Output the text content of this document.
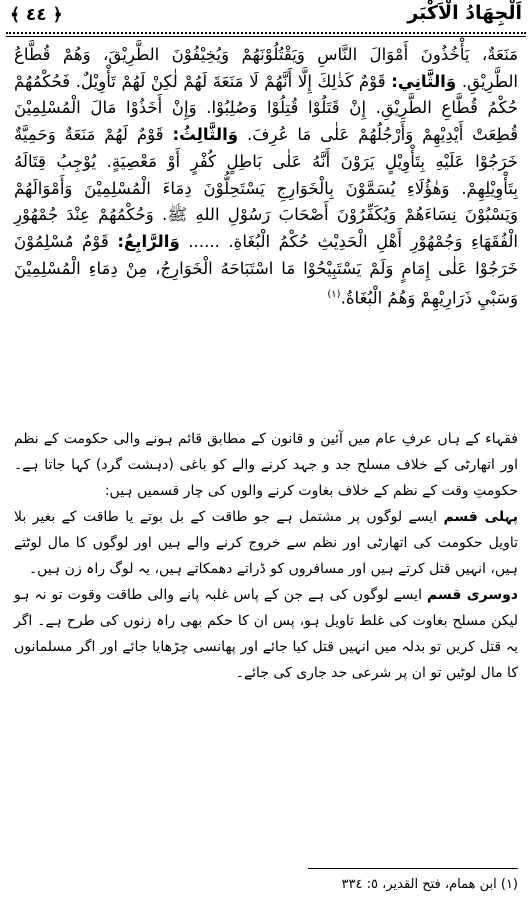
﴿ ٤٤ ﴾	اَلْجِهَادُ الْاَكْبَر
مَنَعَةٌ، يَأْخُذُونَ أَمْوَالَ النَّاسِ وَيَقْتُلُوْنَهُمْ وَيُخِيْفُوْنَ الطَّرِيْقَ، وَهُمْ قُطَّاعُ الطَّرِيْقِ. وَالثَّانِي: قَوْمٌ كَذٰلِكَ إِلَّا أَنَّهُمْ لَا مَنَعَةَ لَهُمْ لٰكِنْ لَهُمْ تَأْوِيْلٌ. فَحُكْمُهُمْ حُكْمُ قُطَّاعِ الطَّرِيْقِ. إِنْ قَتَلُوْا قُتِلُوْا وَصُلِبُوْا. وَإِنْ أَخَذُوْا مَالَ الْمُسْلِمِيْنَ قُطِعَتْ أَيْدِيْهِمْ وَأَرْجُلُهُمْ عَلٰى مَا عُرِفَ. وَالثَّالِثُ: قَوْمٌ لَهُمْ مَنَعَةٌ وَحَمِيَّةٌ خَرَجُوْا عَلَيْهِ بِتَأْوِيْلٍ يَرَوْنَ أَنَّهُ عَلٰى بَاطِلٍ كُفْرٍ أَوْ مَعْصِيَةٍ. يُوْجِبُ قِتَالَهُ بِتَأْوِيْلِهِمْ. وَهٰؤُلَاءِ يُسَمَّوْنَ بِالْخَوَارِجِ يَسْتَحِلُّوْنَ دِمَاءَ الْمُسْلِمِيْنَ وَأَمْوَالَهُمْ وَيَسْبُوْنَ نِسَاءَهُمْ وَيُكَفِّرُوْنَ أَصْحَابَ رَسُوْلِ اللهِ ﷺ. وَحُكْمُهُمْ عِنْدَ جُمْهُوْرِ الْفُقَهَاءِ وَجُمْهُوْرِ أَهْلِ الْحَدِيْثِ حُكْمُ الْبُغَاةِ. ...... وَالرَّابِعُ: قَوْمٌ مُسْلِمُوْنَ خَرَجُوْا عَلٰى إِمَامٍ وَلَمْ يَسْتَبِيْحُوْا مَا اسْتَبَاحَهُ الْخَوَارِجُ، مِنْ دِمَاءِ الْمُسْلِمِيْنَ وَسَبْيِ ذَرَارِيْهِمْ وَهُمُ الْبُغَاةُ.$^{(١)}$

فقہاء کے ہاں عرفِ عام میں آئین و قانون کے مطابق قائم ہونے والی حکومت کے نظم اور اتھارٹی کے خلاف مسلح جد و جہد کرنے والے کو باغی (دہشت گرد) کہا جاتا ہے۔ حکومتِ وقت کے نظم کے خلاف بغاوت کرنے والوں کی چار قسمیں ہیں:

پہلی قسم ایسے لوگوں پر مشتمل ہے جو طاقت کے بل بوتے یا طاقت کے بغیر بلا تاویل حکومت کی اتھارٹی اور نظم سے خروج کرنے والے ہیں اور لوگوں کا مال لوٹتے ہیں، انہیں قتل کرتے ہیں اور مسافروں کو ڈراتے دھمکاتے ہیں، یہ لوگ راہ زن ہیں۔

دوسری قسم ایسے لوگوں کی ہے جن کے پاس غلبہ پانے والی طاقت وقوت تو نہ ہو لیکن مسلح بغاوت کی غلط تاویل ہو، پس ان کا حکم بھی راہ زنوں کی طرح ہے۔ اگر یہ قتل کریں تو بدلہ میں انہیں قتل کیا جائے اور پھانسی چڑھایا جائے اور اگر مسلمانوں کا مال لوٹیں تو ان پر شرعی حد جاری کی جائے۔

(١) ابن همام، فتح القدير، ٥: ٣٣٤
